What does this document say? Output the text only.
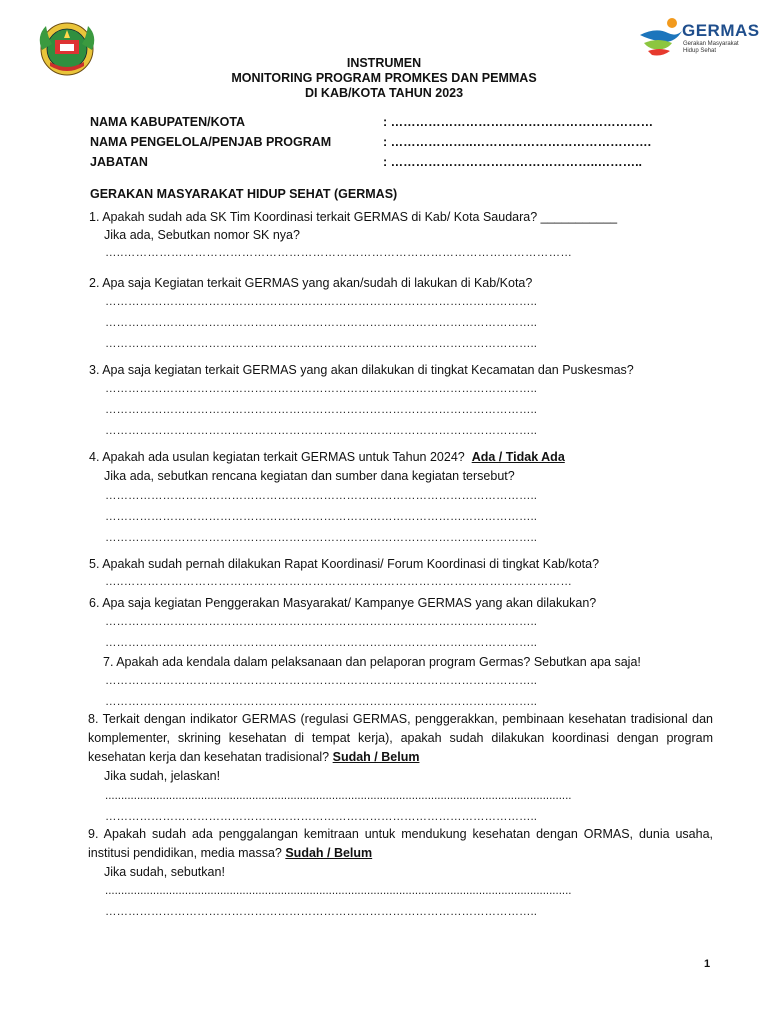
GERMAS
Gerakan Masyarakat
Hidup Sehat
INSTRUMEN
MONITORING PROGRAM PROMKES DAN PEMMAS
DI KAB/KOTA TAHUN 2023
NAMA KABUPATEN/KOTA	: ………………………………………………………
NAMA PENGELOLA/PENJAB PROGRAM	: ………………..…………………………………….
JABATAN	: …………………………………………..………..
GERAKAN MASYARAKAT HIDUP SEHAT (GERMAS)
1. Apakah sudah ada SK Tim Koordinasi terkait GERMAS di Kab/ Kota Saudara? ___________
Jika ada, Sebutkan nomor SK nya?
…..……………………………………………………………………………………………………
2. Apa saja Kegiatan terkait GERMAS yang akan/sudah di lakukan di Kab/Kota?
…………………………………………………………………………………………………..
…………………………………………………………………………………………………..
…………………………………………………………………………………………………..
3. Apa saja kegiatan terkait GERMAS yang akan dilakukan di tingkat Kecamatan dan Puskesmas?
…………………………………………………………………………………………………..
…………………………………………………………………………………………………..
…………………………………………………………………………………………………..
4. Apakah ada usulan kegiatan terkait GERMAS untuk Tahun 2024? Ada / Tidak Ada
Jika ada, sebutkan rencana kegiatan dan sumber dana kegiatan tersebut?
…………………………………………………………………………………………………..
…………………………………………………………………………………………………..
…………………………………………………………………………………………………..
5. Apakah sudah pernah dilakukan Rapat Koordinasi/ Forum Koordinasi di tingkat Kab/kota?
…..……………………………………………………………………………………………………
6. Apa saja kegiatan Penggerakan Masyarakat/ Kampanye GERMAS yang akan dilakukan?
…………………………………………………………………………………………………..
…………………………………………………………………………………………………..
7. Apakah ada kendala dalam pelaksanaan dan pelaporan program Germas? Sebutkan apa saja!
…………………………………………………………………………………………………..
…………………………………………………………………………………………………..
8. Terkait dengan indikator GERMAS (regulasi GERMAS, penggerakkan, pembinaan kesehatan tradisional dan komplementer, skrining kesehatan di tempat kerja), apakah sudah dilakukan koordinasi dengan program kesehatan kerja dan kesehatan tradisional? Sudah / Belum
Jika sudah, jelaskan!
..................................................................................................................................................
…………………………………………………………………………………………………..
9. Apakah sudah ada penggalangan kemitraan untuk mendukung kesehatan dengan ORMAS, dunia usaha, institusi pendidikan, media massa? Sudah / Belum
Jika sudah, sebutkan!
..................................................................................................................................................
…………………………………………………………………………………………………..
1
